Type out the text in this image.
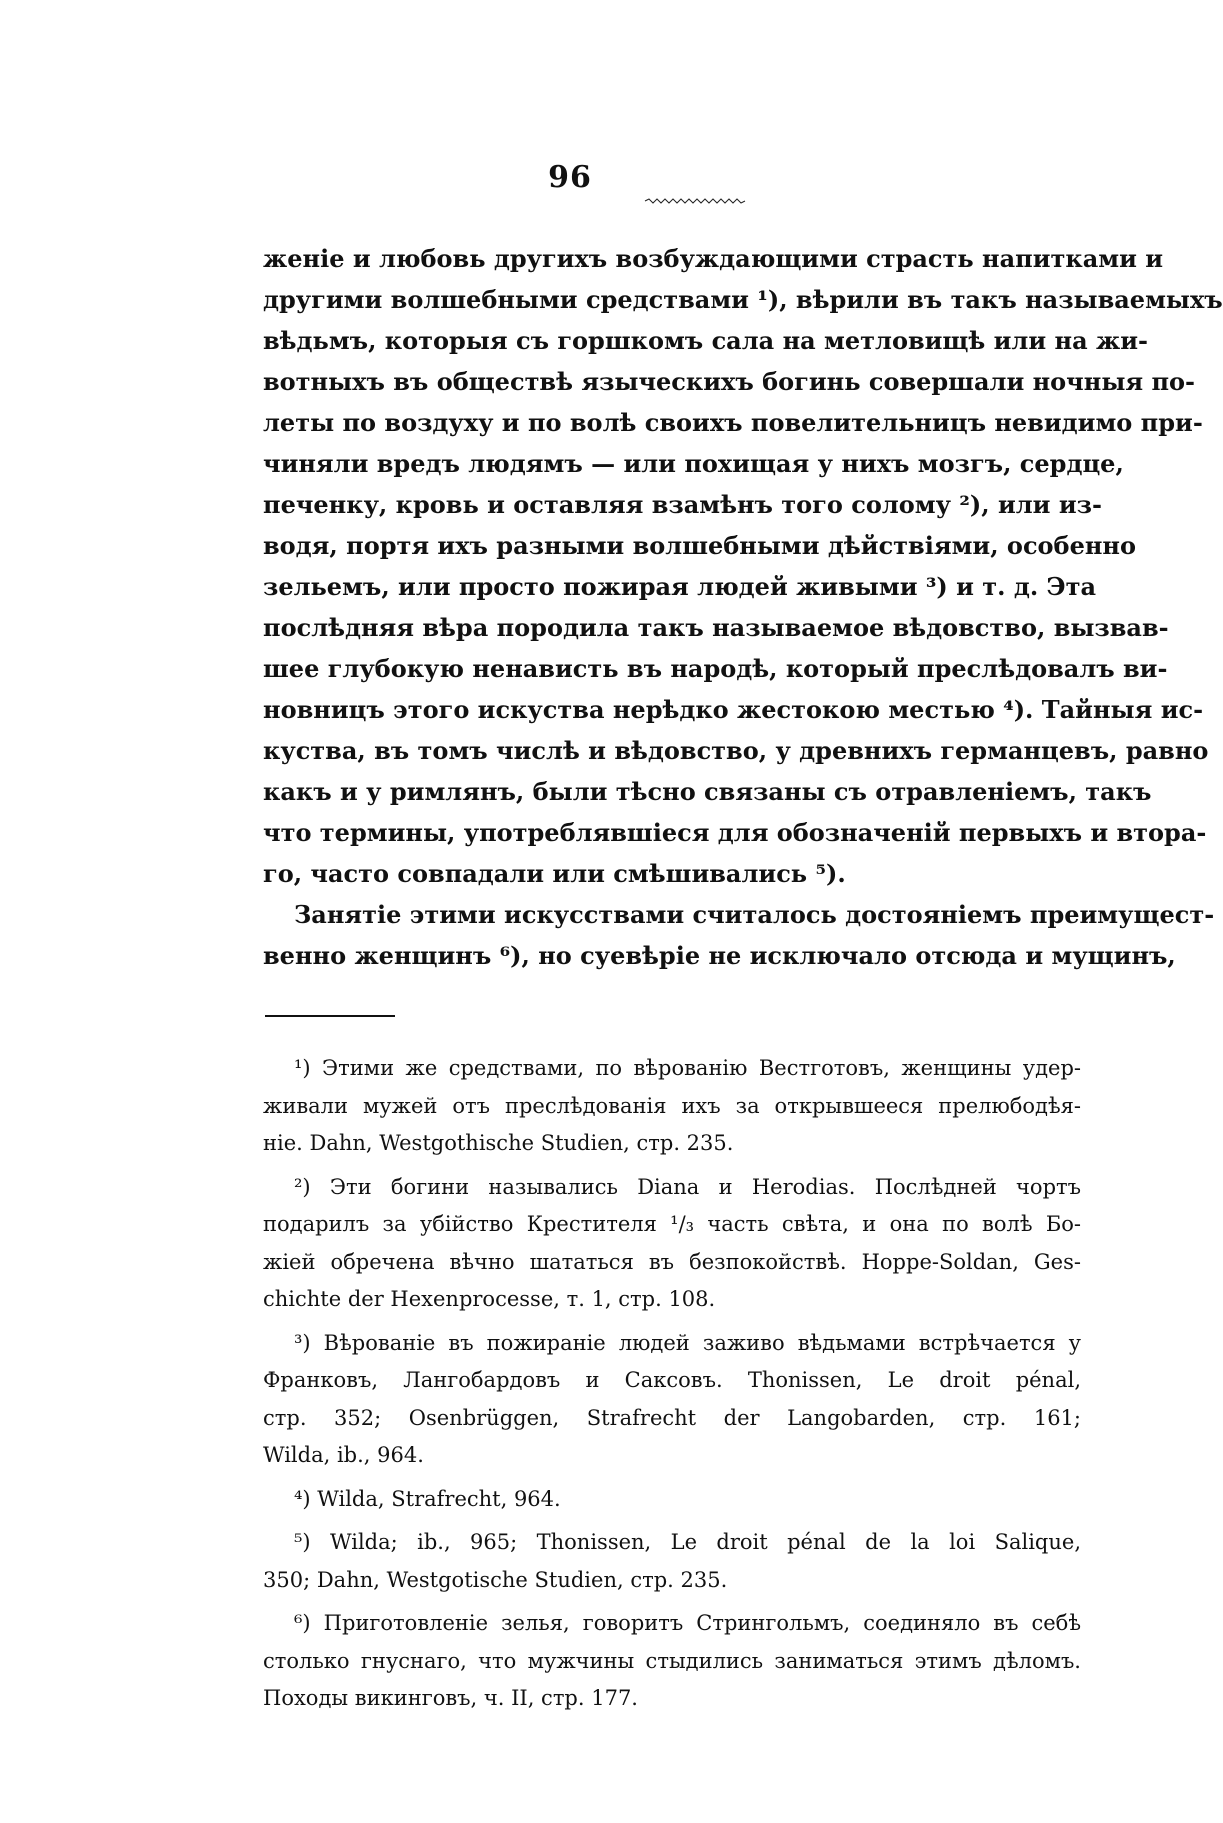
96
женіе и любовь другихъ возбуждающими страсть напитками и
другими волшебными средствами ¹), вѣрили въ такъ называемыхъ
вѣдьмъ, которыя съ горшкомъ сала на метловищѣ или на жи-
вотныхъ въ обществѣ языческихъ богинь совершали ночныя по-
леты по воздуху и по волѣ своихъ повелительницъ невидимо при-
чиняли вредъ людямъ — или похищая у нихъ мозгъ, сердце,
печенку, кровь и оставляя взамѣнъ того солому ²), или из-
водя, портя ихъ разными волшебными дѣйствіями, особенно
зельемъ, или просто пожирая людей живыми ³) и т. д. Эта
послѣдняя вѣра породила такъ называемое вѣдовство, вызвав-
шее глубокую ненависть въ народѣ, который преслѣдовалъ ви-
новницъ этого искуства нерѣдко жестокою местью ⁴). Тайныя ис-
куства, въ томъ числѣ и вѣдовство, у древнихъ германцевъ, равно
какъ и у римлянъ, были тѣсно связаны съ отравленіемъ, такъ
что термины, употреблявшіеся для обозначеній первыхъ и втора-
го, часто совпадали или смѣшивались ⁵).
Занятіе этими искусствами считалось достояніемъ преимущест-
венно женщинъ ⁶), но суевѣріе не исключало отсюда и мущинъ,
¹) Этими же средствами, по вѣрованію Вестготовъ, женщины удер-
живали мужей отъ преслѣдованія ихъ за открывшееся прелюбодѣя-
ніе. Dahn, Westgothische Studien, стр. 235.
²) Эти богини назывались Diana и Herodias. Послѣдней чортъ
подарилъ за убійство Крестителя ¹/₃ часть свѣта, и она по волѣ Бо-
жіей обречена вѣчно шататься въ безпокойствѣ. Hoppe-Soldan, Ges-
chichte der Hexenprocesse, т. 1, стр. 108.
³) Вѣрованіе въ пожираніе людей заживо вѣдьмами встрѣчается у
Франковъ, Лангобардовъ и Саксовъ. Thonissen, Le droit pénal,
стр. 352; Osenbrüggen, Strafrecht der Langobarden, стр. 161;
Wilda, ib., 964.
⁴) Wilda, Strafrecht, 964.
⁵) Wilda; ib., 965; Thonissen, Le droit pénal de la loi Salique,
350; Dahn, Westgotische Studien, стр. 235.
⁶) Приготовленіе зелья, говоритъ Стрингольмъ, соединяло въ себѣ
столько гнуснаго, что мужчины стыдились заниматься этимъ дѣломъ.
Походы викинговъ, ч. II, стр. 177.
